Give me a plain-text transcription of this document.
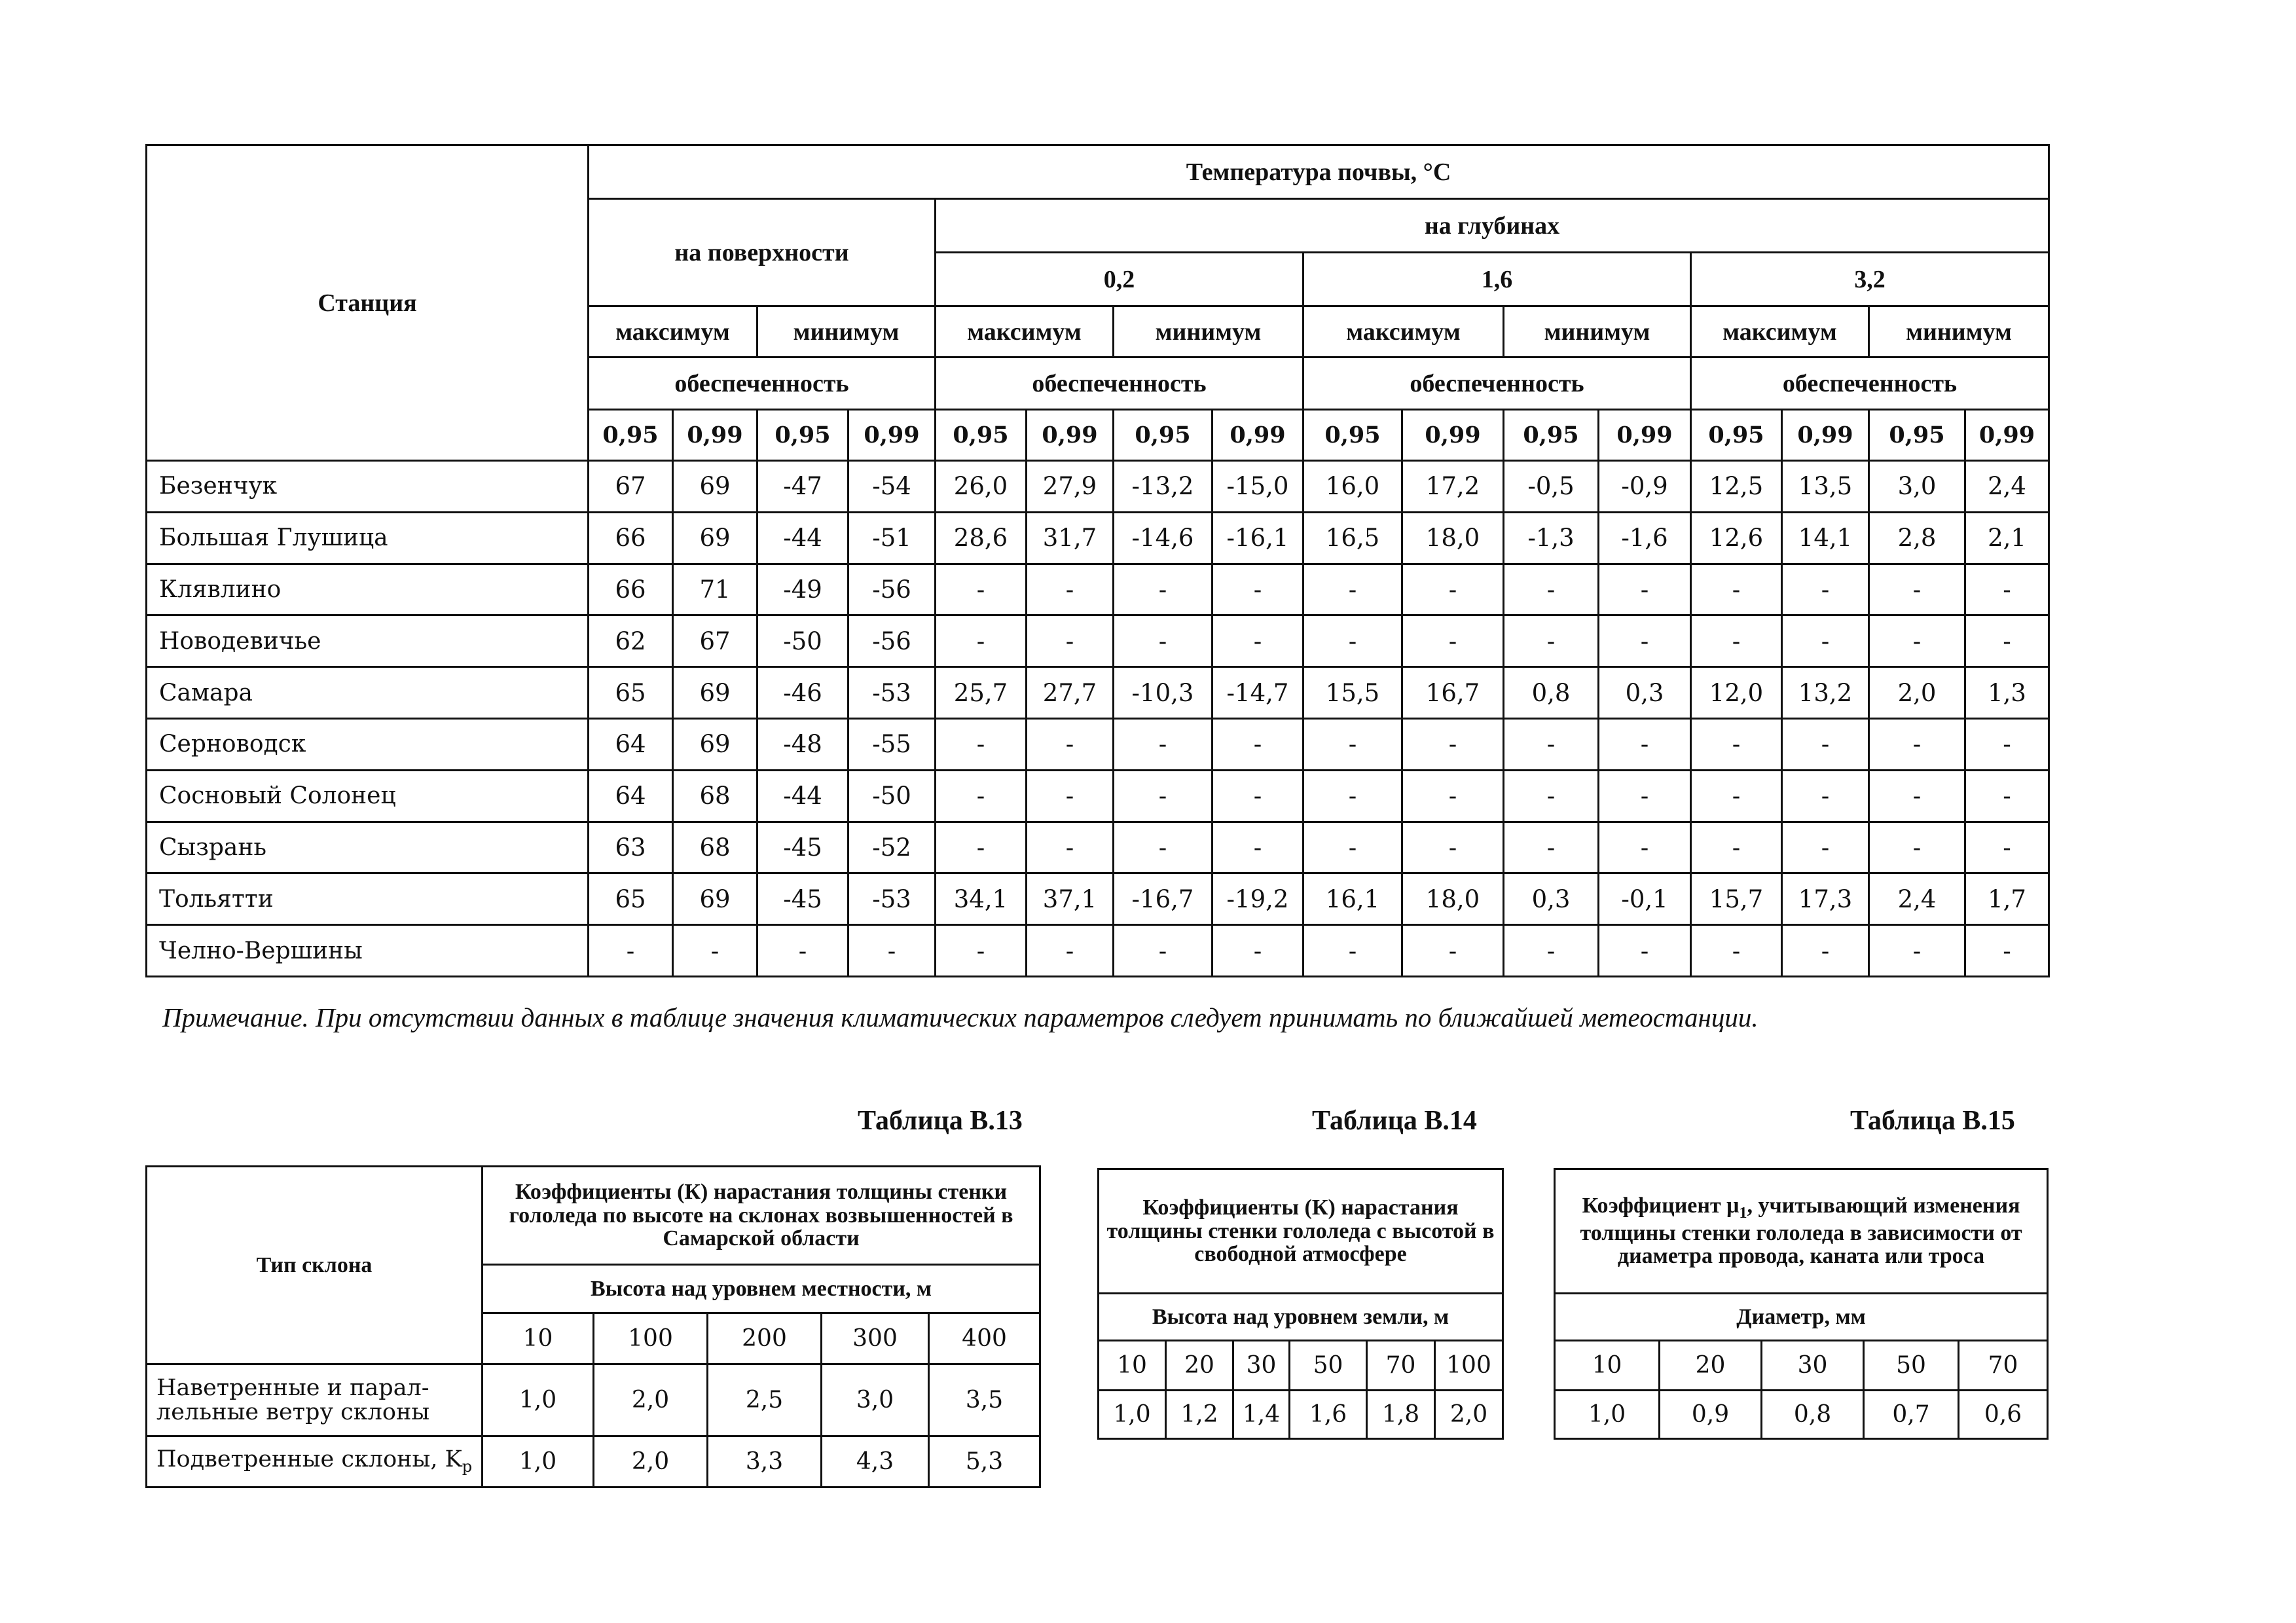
Станция	Температура почвы, °С															
	на поверхности				на глубинах											
					0,2				1,6				3,2			
	максимум		минимум		максимум		минимум		максимум		минимум		максимум		минимум	
	обеспеченность				обеспеченность				обеспеченность				обеспеченность			
	0,95	0,99	0,95	0,99	0,95	0,99	0,95	0,99	0,95	0,99	0,95	0,99	0,95	0,99	0,95	0,99
Безенчук	67	69	-47	-54	26,0	27,9	-13,2	-15,0	16,0	17,2	-0,5	-0,9	12,5	13,5	3,0	2,4
Большая Глушица	66	69	-44	-51	28,6	31,7	-14,6	-16,1	16,5	18,0	-1,3	-1,6	12,6	14,1	2,8	2,1
Клявлино	66	71	-49	-56	-	-	-	-	-	-	-	-	-	-	-	-
Новодевичье	62	67	-50	-56	-	-	-	-	-	-	-	-	-	-	-	-
Самара	65	69	-46	-53	25,7	27,7	-10,3	-14,7	15,5	16,7	0,8	0,3	12,0	13,2	2,0	1,3
Серноводск	64	69	-48	-55	-	-	-	-	-	-	-	-	-	-	-	-
Сосновый Солонец	64	68	-44	-50	-	-	-	-	-	-	-	-	-	-	-	-
Сызрань	63	68	-45	-52	-	-	-	-	-	-	-	-	-	-	-	-
Тольятти	65	69	-45	-53	34,1	37,1	-16,7	-19,2	16,1	18,0	0,3	-0,1	15,7	17,3	2,4	1,7
Челно-Вершины	-	-	-	-	-	-	-	-	-	-	-	-	-	-	-	-
Примечание. При отсутствии данных в таблице значения климатических параметров следует принимать по ближайшей метеостанции.
Таблица В.13	Таблица В.14	Таблица В.15
Тип склона	Коэффициенты (К) нарастания толщины стенки гололеда по высоте на склонах возвышенностей в Самарской области				
	Высота над уровнем местности, м				
	10	100	200	300	400
Наветренные и парал-лельные ветру склоны	1,0	2,0	2,5	3,0	3,5
Подветренные склоны, $K_р$	1,0	2,0	3,3	4,3	5,3
Коэффициенты (К) нарастания толщины стенки гололеда с высотой в свободной атмосфере					
Высота над уровнем земли, м					
10	20	30	50	70	100
1,0	1,2	1,4	1,6	1,8	2,0
Коэффициент $\mu_1$, учитывающий изменения толщины стенки гололеда в зависимости от диаметра провода, каната или троса				
Диаметр, мм				
10	20	30	50	70
1,0	0,9	0,8	0,7	0,6
